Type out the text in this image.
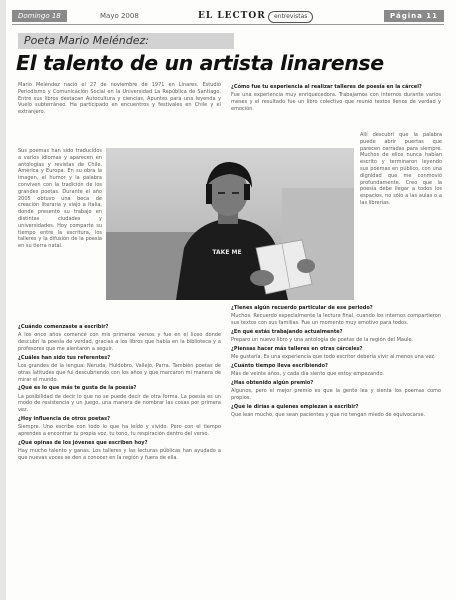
Domingo 18	Mayo 2008	EL LECTOR	entrevistas	Página 11
Poeta Mario Meléndez:
El talento de un artista linarense

Mario Meléndez nació el 27 de noviembre de 1971 en Linares. Estudió Periodismo y Comunicación Social en la Universidad La República de Santiago. Entre sus libros destacan Autocultura y ciencias, Apuntes para una leyenda y Vuelo subterráneo. Ha participado en encuentros y festivales en Chile y el extranjero.

Sus poemas han sido traducidos a varios idiomas y aparecen en antologías y revistas de Chile, América y Europa. En su obra la imagen, el humor y la palabra conviven con la tradición de los grandes poetas. Durante el año 2005 obtuvo una beca de creación literaria y viajó a Italia, donde presentó su trabajo en distintas ciudades y universidades. Hoy comparte su tiempo entre la escritura, los talleres y la difusión de la poesía en su tierra natal.

TAKE ME

¿Cuándo comenzaste a escribir?

A los once años comencé con mis primeros versos y fue en el liceo donde descubrí la poesía de verdad, gracias a los libros que había en la biblioteca y a profesores que me alentaron a seguir.

¿Cuáles han sido tus referentes?

Los grandes de la lengua: Neruda, Huidobro, Vallejo, Parra. También poetas de otras latitudes que fui descubriendo con los años y que marcaron mi manera de mirar el mundo.

¿Qué es lo que más te gusta de la poesía?

La posibilidad de decir lo que no se puede decir de otra forma. La poesía es un modo de resistencia y un juego, una manera de nombrar las cosas por primera vez.

¿Hoy influencia de otros poetas?

Siempre. Uno escribe con todo lo que ha leído y vivido. Pero con el tiempo aprendes a encontrar tu propia voz, tu tono, tu respiración dentro del verso.

¿Qué opinas de los jóvenes que escriben hoy?

Hay mucho talento y ganas. Los talleres y las lecturas públicas han ayudado a que nuevas voces se den a conocer en la región y fuera de ella.

¿Cómo fue tu experiencia al realizar talleres de poesía en la cárcel?

Fue una experiencia muy enriquecedora. Trabajamos con internos durante varios meses y el resultado fue un libro colectivo que reunió textos llenos de verdad y emoción.

Allí descubrí que la palabra puede abrir puertas que parecen cerradas para siempre. Muchos de ellos nunca habían escrito y terminaron leyendo sus poemas en público, con una dignidad que me conmovió profundamente. Creo que la poesía debe llegar a todos los espacios, no sólo a las aulas o a las librerías.

¿Tienes algún recuerdo particular de ese periodo?

Muchos. Recuerdo especialmente la lectura final, cuando los internos compartieron sus textos con sus familias. Fue un momento muy emotivo para todos.

¿En qué estás trabajando actualmente?

Preparo un nuevo libro y una antología de poetas de la región del Maule.

¿Piensas hacer más talleres en otras cárceles?

Me gustaría. Es una experiencia que todo escritor debería vivir al menos una vez.

¿Cuánto tiempo lleva escribiendo?

Más de veinte años, y cada día siento que estoy empezando.

¿Has obtenido algún premio?

Algunos, pero el mejor premio es que la gente lea y sienta los poemas como propios.

¿Qué le dirías a quienes empiezan a escribir?

Que lean mucho, que sean pacientes y que no tengan miedo de equivocarse.
